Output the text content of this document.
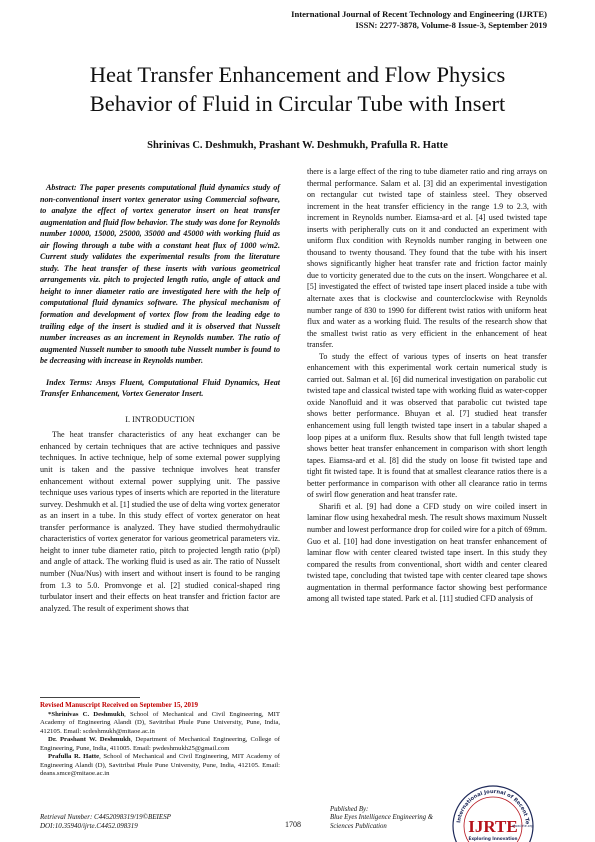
International Journal of Recent Technology and Engineering (IJRTE)
ISSN: 2277-3878, Volume-8 Issue-3, September 2019
Heat Transfer Enhancement and Flow Physics
Behavior of Fluid in Circular Tube with Insert
Shrinivas C. Deshmukh, Prashant W. Deshmukh, Prafulla R. Hatte

Abstract: The paper presents computational fluid dynamics study of non-conventional insert vortex generator using Commercial software, to analyze the effect of vortex generator insert on heat transfer augmentation and fluid flow behavior. The study was done for Reynolds number 10000, 15000, 25000, 35000 and 45000 with working fluid as air flowing through a tube with a constant heat flux of 1000 w/m2. Current study validates the experimental results from the literature study. The heat transfer of these inserts with various geometrical arrangements viz. pitch to projected length ratio, angle of attack and height to inner diameter ratio are investigated here with the help of computational fluid dynamics software. The physical mechanism of formation and development of vortex flow from the leading edge to trailing edge of the insert is studied and it is observed that Nusselt number increases as an increment in Reynolds number. The ratio of augmented Nusselt number to smooth tube Nusselt number is found to be decreasing with increase in Reynolds number.

Index Terms: Ansys Fluent, Computational Fluid Dynamics, Heat Transfer Enhancement, Vortex Generator Insert.

I. INTRODUCTION

The heat transfer characteristics of any heat exchanger can be enhanced by certain techniques that are active techniques and passive techniques. In active technique, help of some external power supplying unit is taken and the passive technique involves heat transfer enhancement without external power supplying unit. The passive technique uses various types of inserts which are reported in the literature survey. Deshmukh et al. [1] studied the use of delta wing vortex generator as an insert in a tube. In this study effect of vortex generator on heat transfer performance is analyzed. They have studied thermohydraulic characteristics of vortex generator for various geometrical parameters viz. height to inner tube diameter ratio, pitch to projected length ratio (p/pl) and angle of attack. The working fluid is used as air. The ratio of Nusselt number (Nua/Nus) with insert and without insert is found to be ranging from 1.3 to 5.0. Promvonge et al. [2] studied conical-shaped ring turbulator insert and their effects on heat transfer and friction factor are analyzed. The result of experiment shows that

there is a large effect of the ring to tube diameter ratio and ring arrays on thermal performance. Salam et al. [3] did an experimental investigation on rectangular cut twisted tape of stainless steel. They observed increment in the heat transfer efficiency in the range 1.9 to 2.3, with increment in Reynolds number. Eiamsa-ard et al. [4] used twisted tape inserts with peripherally cuts on it and conducted an experiment with uniform flux condition with Reynolds number ranging in between one thousand to twenty thousand. They found that the tube with his insert shows significantly higher heat transfer rate and friction factor mainly due to vorticity generated due to the cuts on the insert. Wongcharee et al. [5] investigated the effect of twisted tape insert placed inside a tube with alternate axes that is clockwise and counterclockwise with Reynolds number range of 830 to 1990 for different twist ratios with uniform heat flux and water as a working fluid. The results of the research show that the smallest twist ratio as very efficient in the enhancement of heat transfer.

To study the effect of various types of inserts on heat transfer enhancement with this experimental work certain numerical study is carried out. Salman et al. [6] did numerical investigation on parabolic cut twisted tape and classical twisted tape with working fluid as water-copper oxide Nanofluid and it was observed that parabolic cut twisted tape shows better performance. Bhuyan et al. [7] studied heat transfer enhancement using full length twisted tape insert in a tabular shaped a loop pipes at a uniform flux. Results show that full length twisted tape shows better heat transfer enhancement in comparison with short length tapes. Eiamsa-ard et al. [8] did the study on loose fit twisted tape and tight fit twisted tape. It is found that at smallest clearance ratios there is a better performance in comparison with other all clearance ratio in terms of swirl flow generation and heat transfer rate.

Sharifi et al. [9] had done a CFD study on wire coiled insert in laminar flow using hexahedral mesh. The result shows maximum Nusselt number and lowest performance drop for coiled wire for a pitch of 69mm. Guo et al. [10] had done investigation on heat transfer enhancement of laminar flow with center cleared twisted tape insert. In this study they compared the results from conventional, short width and center cleared twisted tape, concluding that twisted tape with center cleared tape shows augmentation in thermal performance factor showing best performance among all twisted tape stated. Park et al. [11] studied CFD analysis of

Revised Manuscript Received on September 15, 2019

*Shrinivas C. Deshmukh, School of Mechanical and Civil Engineering, MIT Academy of Engineering Alandi (D), Savitribai Phule Pune University, Pune, India, 412105. Email: scdeshmukh@mitaoe.ac.in

Dr. Prashant W. Deshmukh, Department of Mechanical Engineering, College of Engineering, Pune, India, 411005. Email: pwdeshmukh25@gmail.com

Prafulla R. Hatte, School of Mechanical and Civil Engineering, MIT Academy of Engineering Alandi (D), Savitribai Phule Pune University, Pune, India, 412105. Email: deans.smce@mitaoe.ac.in

Retrieval Number: C4452098319/19©BEIESP
DOI:10.35940/ijrte.C4452.098319	1708
Published By:
Blue Eyes Intelligence Engineering &
Sciences Publication
International Journal of Recent Te
IJRTE
www.ijrte.org
Exploring Innovation
